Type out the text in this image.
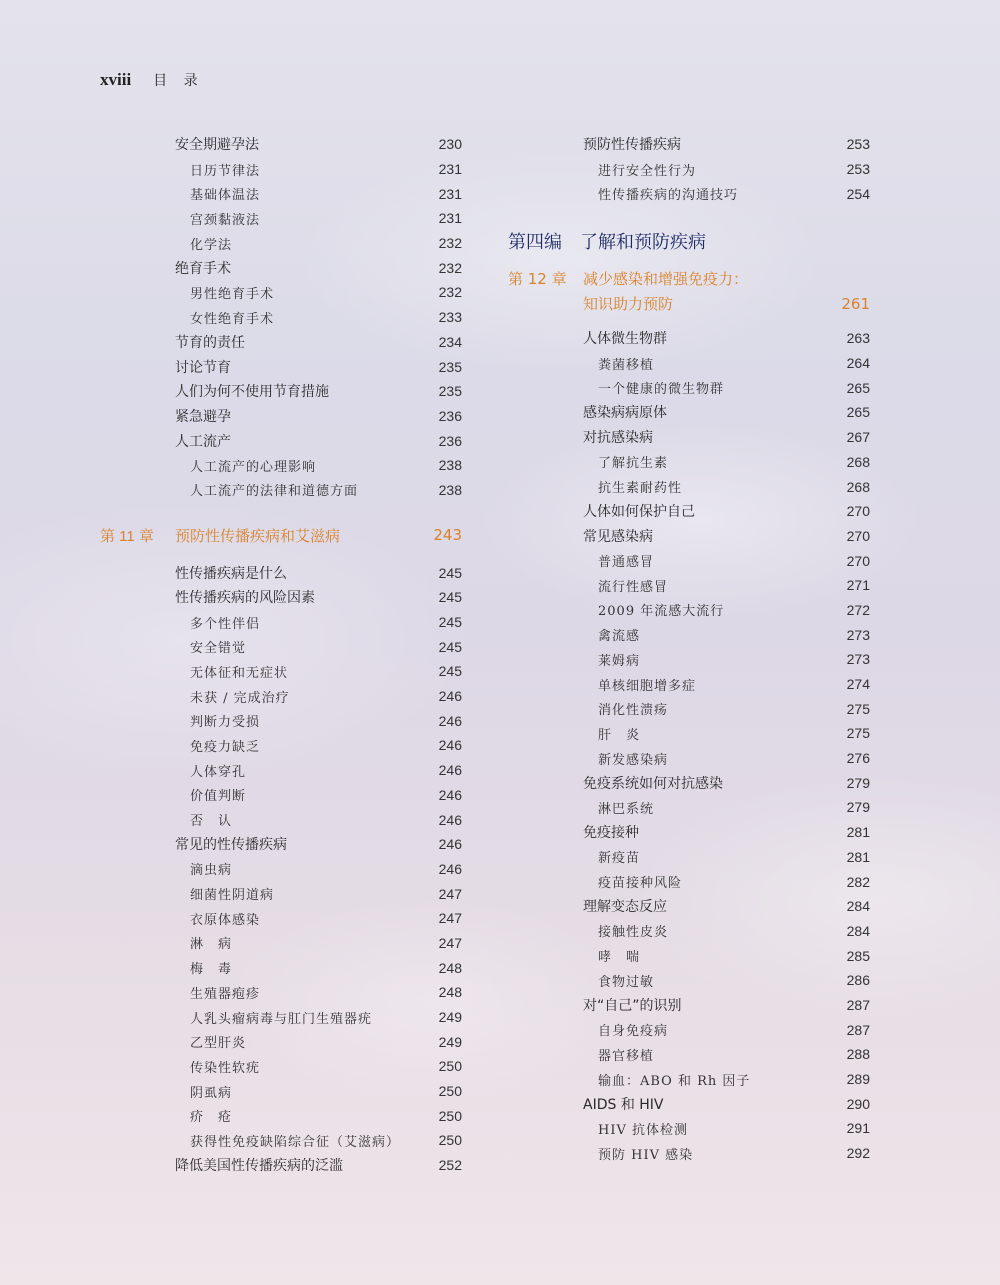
xviii 目 录
安全期避孕法	230
日历节律法	231
基础体温法	231
宫颈黏液法	231
化学法	232
绝育手术	232
男性绝育手术	232
女性绝育手术	233
节育的责任	234
讨论节育	235
人们为何不使用节育措施	235
紧急避孕	236
人工流产	236
人工流产的心理影响	238
人工流产的法律和道德方面	238
第 11 章	预防性传播疾病和艾滋病	243
性传播疾病是什么	245
性传播疾病的风险因素	245
多个性伴侣	245
安全错觉	245
无体征和无症状	245
未获 / 完成治疗	246
判断力受损	246
免疫力缺乏	246
人体穿孔	246
价值判断	246
否　认	246
常见的性传播疾病	246
滴虫病	246
细菌性阴道病	247
衣原体感染	247
淋　病	247
梅　毒	248
生殖器疱疹	248
人乳头瘤病毒与肛门生殖器疣	249
乙型肝炎	249
传染性软疣	250
阴虱病	250
疥　疮	250
获得性免疫缺陷综合征（艾滋病）	250
降低美国性传播疾病的泛滥	252
预防性传播疾病	253
进行安全性行为	253
性传播疾病的沟通技巧	254
第四编 了解和预防疾病
第 12 章	减少感染和增强免疫力：
知识助力预防	261
人体微生物群	263
粪菌移植	264
一个健康的微生物群	265
感染病病原体	265
对抗感染病	267
了解抗生素	268
抗生素耐药性	268
人体如何保护自己	270
常见感染病	270
普通感冒	270
流行性感冒	271
2009 年流感大流行	272
禽流感	273
莱姆病	273
单核细胞增多症	274
消化性溃疡	275
肝　炎	275
新发感染病	276
免疫系统如何对抗感染	279
淋巴系统	279
免疫接种	281
新疫苗	281
疫苗接种风险	282
理解变态反应	284
接触性皮炎	284
哮　喘	285
食物过敏	286
对“自己”的识别	287
自身免疫病	287
器官移植	288
输血：ABO 和 Rh 因子	289
AIDS 和 HIV	290
HIV 抗体检测	291
预防 HIV 感染	292
